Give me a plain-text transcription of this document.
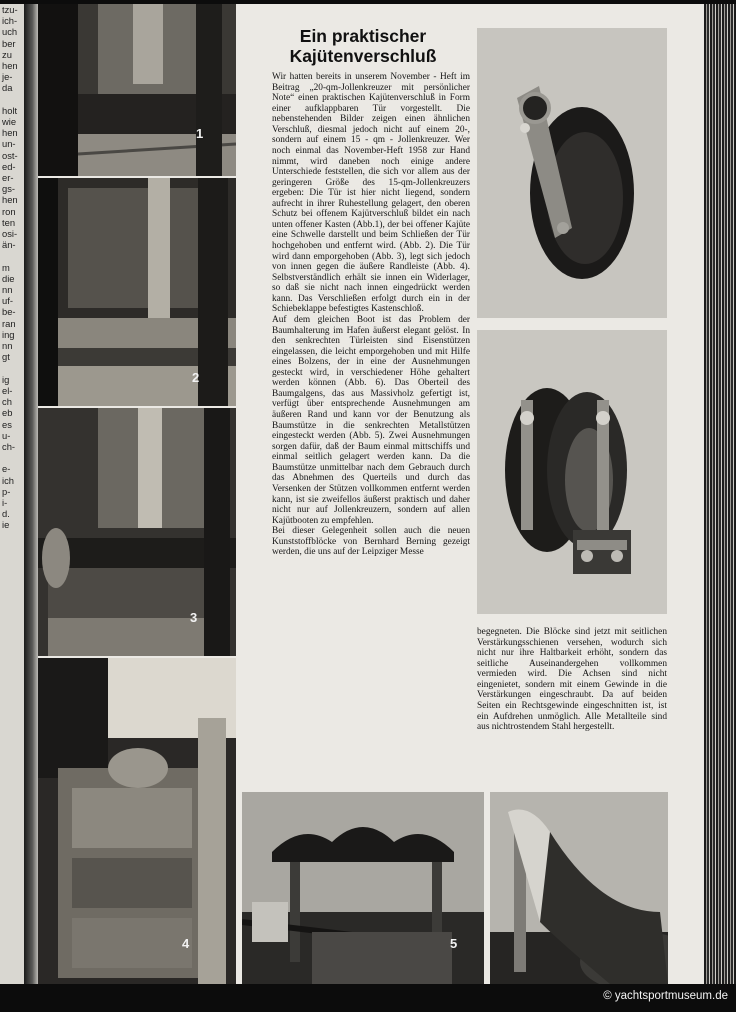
tzu-

ich-

uch

ber

zu

hen

je-

da

holt

wie

hen

un-

ost-

ed-

er-

gs-

hen

ron

ten

osi-

än-

m

die

nn

uf-

be-

ran

ing

nn

gt

ig

el-

ch

eb

es

u-

ch-

e-

ich

p-

i-

d.

ie

1
2
3
4
Ein praktischer
Kajütenverschluß

Wir hatten bereits in unserem November - Heft im Beitrag „20-qm-Jollenkreuzer mit persönlicher Note“ einen praktischen Kajütenverschluß in Form einer aufklappbaren Tür vorgestellt. Die nebenstehenden Bilder zeigen einen ähnlichen Verschluß, diesmal jedoch nicht auf einem 20-, sondern auf einem 15 - qm - Jollenkreuzer. Wer noch einmal das November-Heft 1958 zur Hand nimmt, wird daneben noch einige andere Unterschiede feststellen, die sich vor allem aus der geringeren Größe des 15-qm-Jollenkreuzers ergeben: Die Tür ist hier nicht liegend, sondern aufrecht in ihrer Ruhestellung gelagert, den oberen Schutz bei offenem Kajütverschluß bildet ein nach unten offener Kasten (Abb.1), der bei offener Kajüte eine Schwelle darstellt und beim Schließen der Tür hochgehoben und entfernt wird. (Abb. 2). Die Tür wird dann emporgehoben (Abb. 3), legt sich jedoch von innen gegen die äußere Randleiste (Abb. 4). Selbstverständlich erhält sie innen ein Widerlager, so daß sie nicht nach innen eingedrückt werden kann. Das Verschließen erfolgt durch ein in der Schiebeklappe befestigtes Kastenschloß.

Auf dem gleichen Boot ist das Problem der Baumhalterung im Hafen äußerst elegant gelöst. In den senkrechten Türleisten sind Eisenstützen eingelassen, die leicht emporgehoben und mit Hilfe eines Bolzens, der in eine der Ausnehmungen gesteckt wird, in verschiedener Höhe gehaltert werden können (Abb. 6). Das Oberteil des Baumgalgens, das aus Massivholz gefertigt ist, verfügt über entsprechende Ausnehmungen am äußeren Rand und kann vor der Benutzung als Baumstütze in die senkrechten Metallstützen eingesteckt werden (Abb. 5). Zwei Ausnehmungen sorgen dafür, daß der Baum einmal mittschiffs und einmal seitlich gelagert werden kann. Da die Baumstütze unmittelbar nach dem Gebrauch durch das Abnehmen des Querteils und durch das Versenken der Stützen vollkommen entfernt werden kann, ist sie zweifellos äußerst praktisch und daher nicht nur auf Jollenkreuzern, sondern auf allen Kajütbooten zu empfehlen.

Bei dieser Gelegenheit sollen auch die neuen Kunststoffblöcke von Bernhard Berning gezeigt werden, die uns auf der Leipziger Messe

begegneten. Die Blöcke sind jetzt mit seitlichen Verstärkungsschienen versehen, wodurch sich nicht nur ihre Haltbarkeit erhöht, sondern das seitliche Auseinandergehen vollkommen vermieden wird. Die Achsen sind nicht eingenietet, sondern mit einem Gewinde in die Verstärkungen eingeschraubt. Da auf beiden Seiten ein Rechtsgewinde eingeschnitten ist, ist ein Aufdrehen unmöglich. Alle Metallteile sind aus nichtrostendem Stahl hergestellt.

5
© yachtsportmuseum.de
